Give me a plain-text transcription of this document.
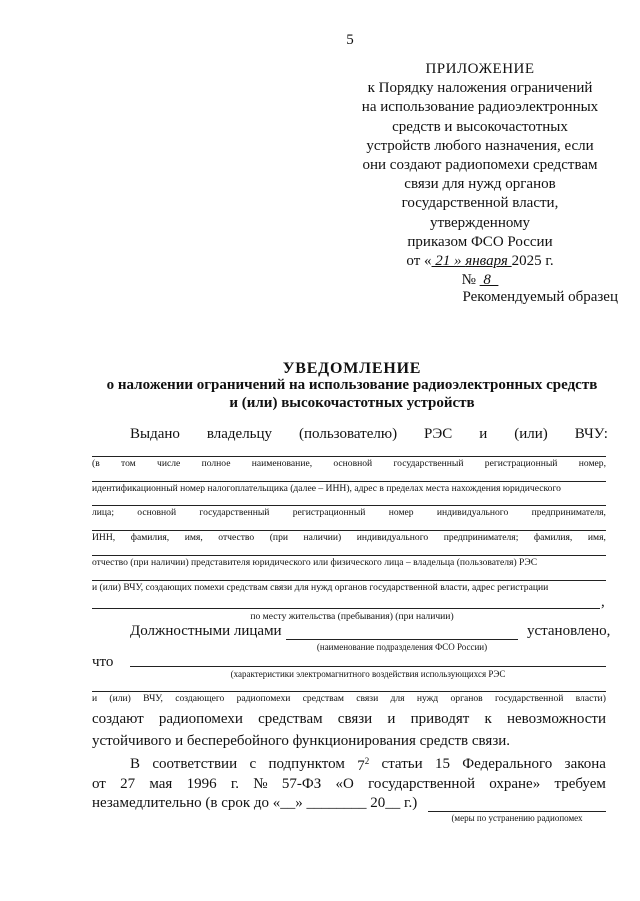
5
ПРИЛОЖЕНИЕ
к Порядку наложения ограничений
на использование радиоэлектронных
средств и высокочастотных
устройств любого назначения, если
они создают радиопомехи средствам
связи для нужд органов
государственной власти,
утвержденному
приказом ФСО России
от « 21 » января 2025 г.
№  8
Рекомендуемый образец
УВЕДОМЛЕНИЕ
о наложении ограничений на использование радиоэлектронных средств
и (или) высокочастотных устройств
Выдано владельцу (пользователю) РЭС и (или) ВЧУ:
(в том числе полное наименование, основной государственный регистрационный номер,
идентификационный номер налогоплательщика (далее – ИНН), адрес в пределах места нахождения юридического
лица; основной государственный регистрационный номер индивидуального предпринимателя,
ИНН, фамилия, имя, отчество (при наличии) индивидуального предпринимателя; фамилия, имя,
отчество (при наличии) представителя юридического или физического лица – владельца (пользователя) РЭС
и (или) ВЧУ, создающих помехи средствам связи для нужд органов государственной власти, адрес регистрации
,
по месту жительства (пребывания) (при наличии)
Должностными лицами	установлено,
(наименование подразделения ФСО России)
что
(характеристики электромагнитного воздействия использующихся РЭС
и (или) ВЧУ, создающего радиопомехи средствам связи для нужд органов государственной власти)
создают радиопомехи средствам связи и приводят к невозможности
устойчивого и бесперебойного функционирования средств связи.
В соответствии с подпунктом $7^2$ статьи 15 Федерального закона
от 27 мая 1996 г. № 57-ФЗ «О государственной охране» требуем
незамедлительно (в срок до «__» ________ 20__ г.)
(меры по устранению радиопомех
